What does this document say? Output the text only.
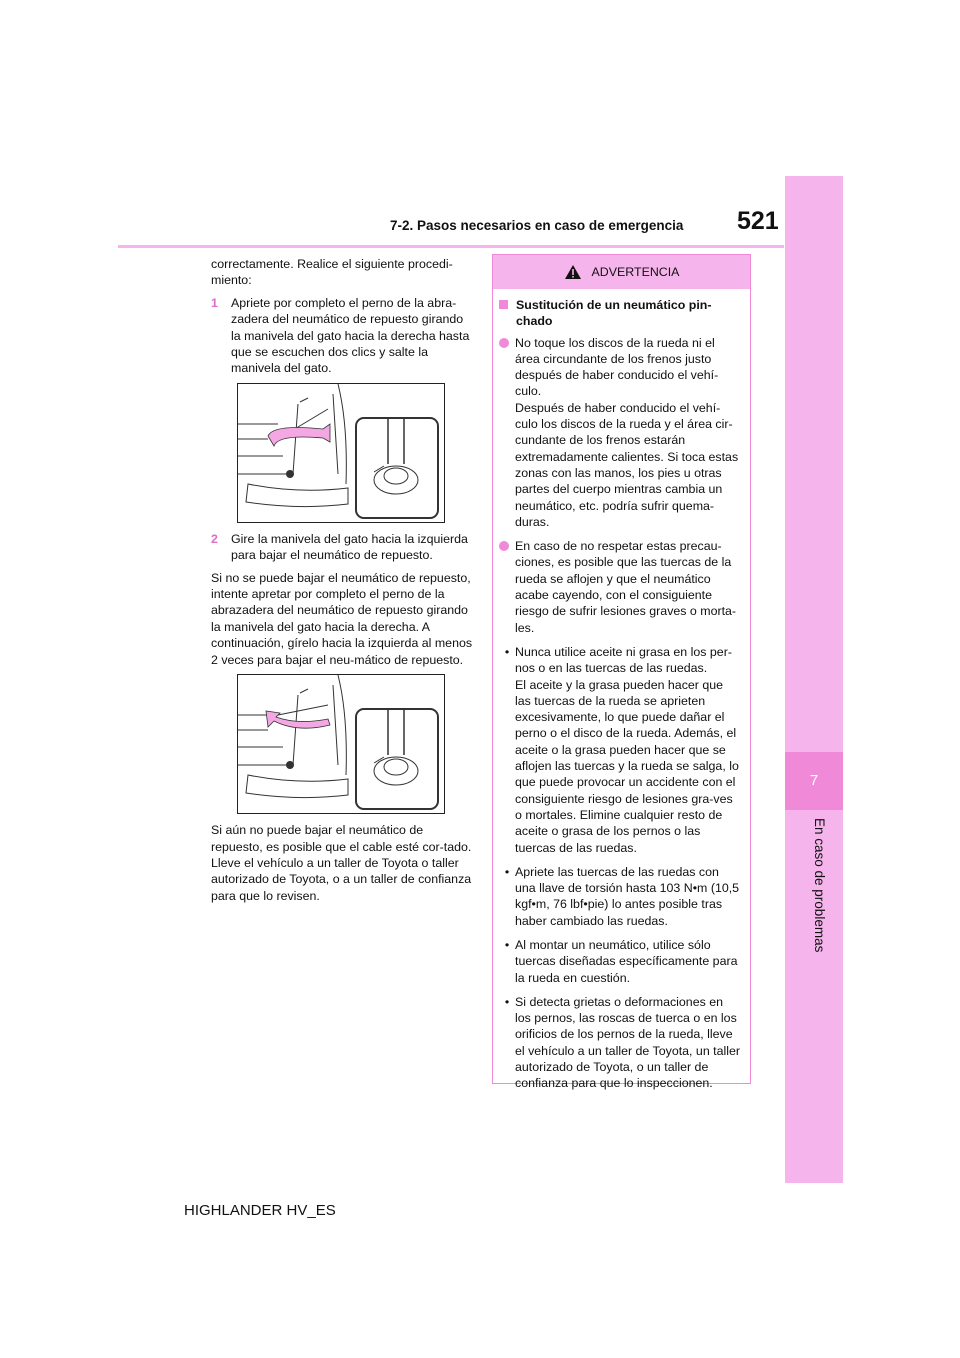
7-2. Pasos necesarios en caso de emergencia 521
7
En caso de problemas

correctamente. Realice el siguiente procedi-miento:

1	Apriete por completo el perno de la abra-zadera del neumático de repuesto girando la manivela del gato hacia la derecha hasta que se escuchen dos clics y salte la manivela del gato.
2	Gire la manivela del gato hacia la izquierda para bajar el neumático de repuesto.

Si no se puede bajar el neumático de repuesto, intente apretar por completo el perno de la abrazadera del neumático de repuesto girando la manivela del gato hacia la derecha. A continuación, gírelo hacia la izquierda al menos 2 veces para bajar el neu-mático de repuesto.

Si aún no puede bajar el neumático de repuesto, es posible que el cable esté cor-tado. Lleve el vehículo a un taller de Toyota o taller autorizado de Toyota, o a un taller de confianza para que lo revisen.

ADVERTENCIA
Sustitución de un neumático pin-chado
No toque los discos de la rueda ni el área circundante de los frenos justo después de haber conducido el vehí-culo.
Después de haber conducido el vehí-culo los discos de la rueda y el área cir-cundante de los frenos estarán extremadamente calientes. Si toca estas zonas con las manos, los pies u otras partes del cuerpo mientras cambia un neumático, etc. podría sufrir quema-duras.
En caso de no respetar estas precau-ciones, es posible que las tuercas de la rueda se aflojen y que el neumático acabe cayendo, con el consiguiente riesgo de sufrir lesiones graves o morta-les.
• Nunca utilice aceite ni grasa en los per-nos o en las tuercas de las ruedas.
El aceite y la grasa pueden hacer que las tuercas de la rueda se aprieten excesivamente, lo que puede dañar el perno o el disco de la rueda. Además, el aceite o la grasa pueden hacer que se aflojen las tuercas y la rueda se salga, lo que puede provocar un accidente con el consiguiente riesgo de lesiones gra-ves o mortales. Elimine cualquier resto de aceite o grasa de los pernos o las tuercas de las ruedas.
• Apriete las tuercas de las ruedas con una llave de torsión hasta 103 N•m (10,5 kgf•m, 76 lbf•pie) lo antes posible tras haber cambiado las ruedas.
• Al montar un neumático, utilice sólo tuercas diseñadas específicamente para la rueda en cuestión.
• Si detecta grietas o deformaciones en los pernos, las roscas de tuerca o en los orificios de los pernos de la rueda, lleve el vehículo a un taller de Toyota, un taller autorizado de Toyota, o un taller de confianza para que lo inspeccionen.
HIGHLANDER HV_ES
